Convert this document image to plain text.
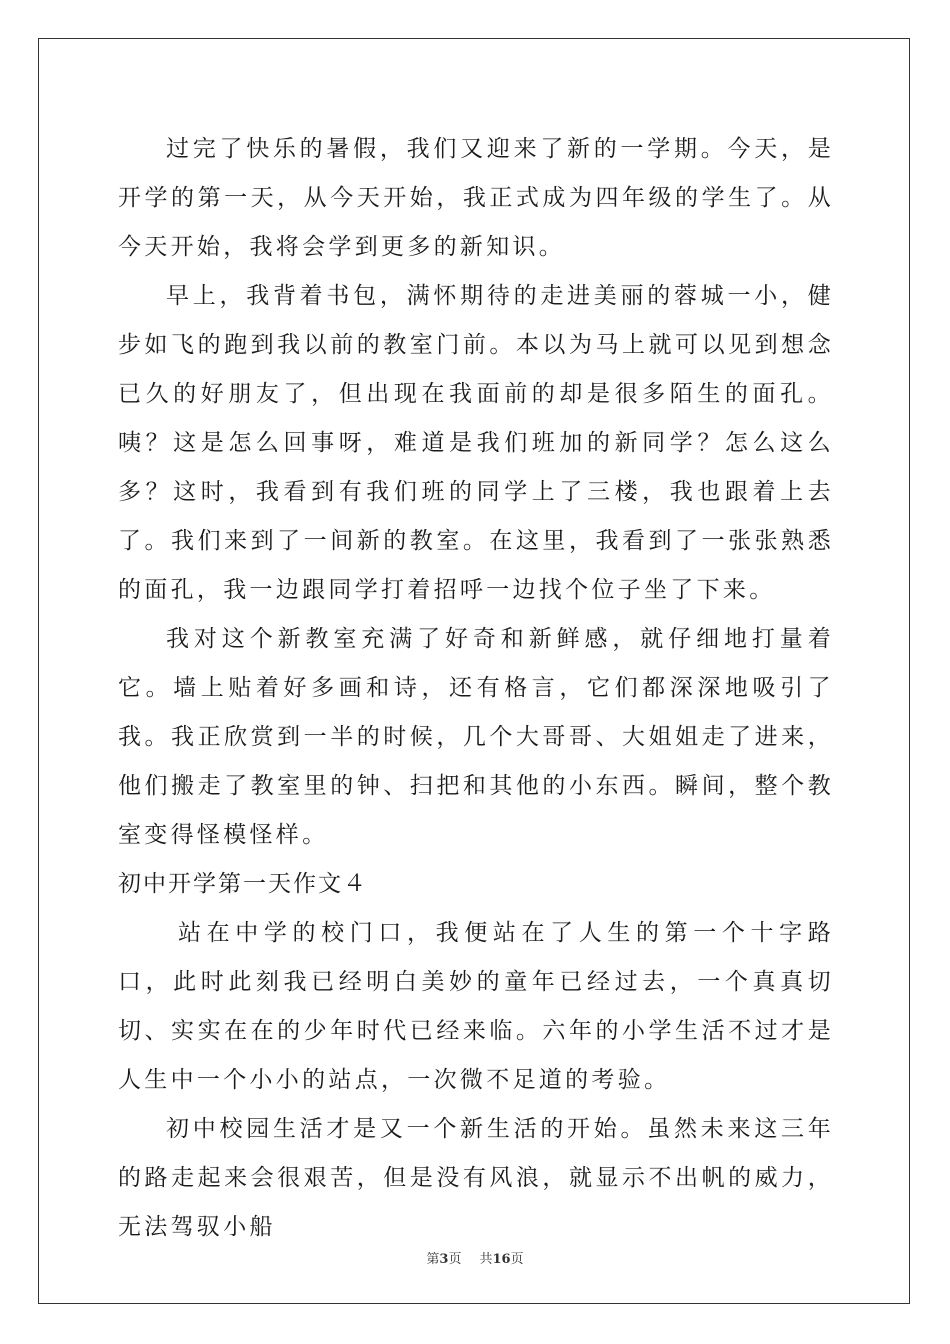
过完了快乐的暑假，我们又迎来了新的一学期。今天，是开学的第一天，从今天开始，我正式成为四年级的学生了。从今天开始，我将会学到更多的新知识。

早上，我背着书包，满怀期待的走进美丽的蓉城一小，健步如飞的跑到我以前的教室门前。本以为马上就可以见到想念已久的好朋友了，但出现在我面前的却是很多陌生的面孔。咦？这是怎么回事呀，难道是我们班加的新同学？怎么这么多？这时，我看到有我们班的同学上了三楼，我也跟着上去了。我们来到了一间新的教室。在这里，我看到了一张张熟悉的面孔，我一边跟同学打着招呼一边找个位子坐了下来。

我对这个新教室充满了好奇和新鲜感，就仔细地打量着它。墙上贴着好多画和诗，还有格言，它们都深深地吸引了我。我正欣赏到一半的时候，几个大哥哥、大姐姐走了进来，他们搬走了教室里的钟、扫把和其他的小东西。瞬间，整个教室变得怪模怪样。

初中开学第一天作文４

站在中学的校门口，我便站在了人生的第一个十字路口，此时此刻我已经明白美妙的童年已经过去，一个真真切切、实实在在的少年时代已经来临。六年的小学生活不过才是人生中一个小小的站点，一次微不足道的考验。

初中校园生活才是又一个新生活的开始。虽然未来这三年的路走起来会很艰苦，但是没有风浪，就显示不出帆的威力，无法驾驭小船

第3页 共16页
